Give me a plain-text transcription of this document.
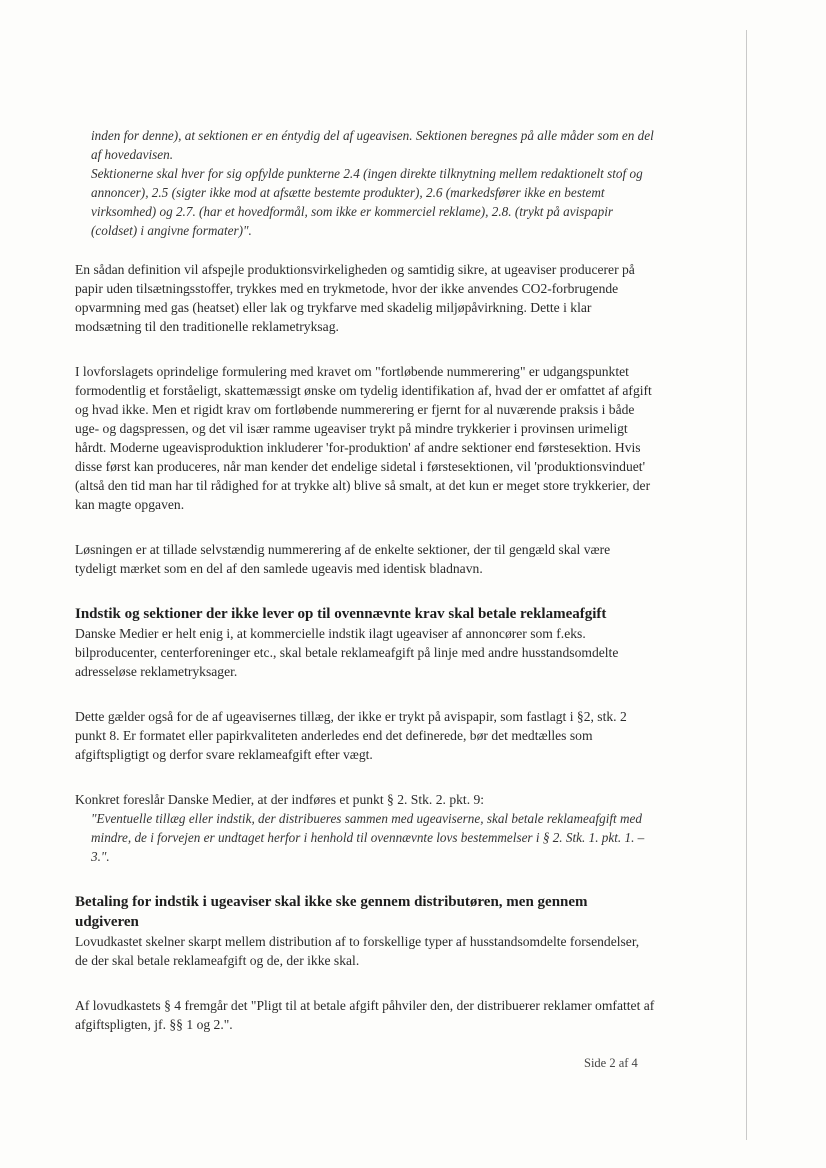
inden for denne), at sektionen er en éntydig del af ugeavisen. Sektionen beregnes på alle måder som en del af hovedavisen.

Sektionerne skal hver for sig opfylde punkterne 2.4 (ingen direkte tilknytning mellem redaktionelt stof og annoncer), 2.5 (sigter ikke mod at afsætte bestemte produkter), 2.6 (markedsfører ikke en bestemt virksomhed) og 2.7. (har et hovedformål, som ikke er kommerciel reklame), 2.8. (trykt på avispapir (coldset) i angivne formater)".

En sådan definition vil afspejle produktionsvirkeligheden og samtidig sikre, at ugeaviser producerer på papir uden tilsætningsstoffer, trykkes med en trykmetode, hvor der ikke anvendes CO2-forbrugende opvarmning med gas (heatset) eller lak og trykfarve med skadelig miljøpåvirkning. Dette i klar modsætning til den traditionelle reklametryksag.

I lovforslagets oprindelige formulering med kravet om "fortløbende nummerering" er udgangspunktet formodentlig et forståeligt, skattemæssigt ønske om tydelig identifikation af, hvad der er omfattet af afgift og hvad ikke. Men et rigidt krav om fortløbende nummerering er fjernt for al nuværende praksis i både uge- og dagspressen, og det vil især ramme ugeaviser trykt på mindre trykkerier i provinsen urimeligt hårdt. Moderne ugeavisproduktion inkluderer 'for-produktion' af andre sektioner end førstesektion. Hvis disse først kan produceres, når man kender det endelige sidetal i førstesektionen, vil 'produktionsvinduet' (altså den tid man har til rådighed for at trykke alt) blive så smalt, at det kun er meget store trykkerier, der kan magte opgaven.

Løsningen er at tillade selvstændig nummerering af de enkelte sektioner, der til gengæld skal være tydeligt mærket som en del af den samlede ugeavis med identisk bladnavn.

Indstik og sektioner der ikke lever op til ovennævnte krav skal betale reklameafgift

Danske Medier er helt enig i, at kommercielle indstik ilagt ugeaviser af annoncører som f.eks. bilproducenter, centerforeninger etc., skal betale reklameafgift på linje med andre husstandsomdelte adresseløse reklametryksager.

Dette gælder også for de af ugeavisernes tillæg, der ikke er trykt på avispapir, som fastlagt i §2, stk. 2 punkt 8. Er formatet eller papirkvaliteten anderledes end det definerede, bør det medtælles som afgiftspligtigt og derfor svare reklameafgift efter vægt.

Konkret foreslår Danske Medier, at der indføres et punkt § 2. Stk. 2. pkt. 9:

"Eventuelle tillæg eller indstik, der distribueres sammen med ugeaviserne, skal betale reklameafgift med mindre, de i forvejen er undtaget herfor i henhold til ovennævnte lovs bestemmelser i § 2. Stk. 1. pkt. 1. – 3.".

Betaling for indstik i ugeaviser skal ikke ske gennem distributøren, men gennem udgiveren

Lovudkastet skelner skarpt mellem distribution af to forskellige typer af husstandsomdelte forsendelser, de der skal betale reklameafgift og de, der ikke skal.

Af lovudkastets § 4 fremgår det "Pligt til at betale afgift påhviler den, der distribuerer reklamer omfattet af afgiftspligten, jf. §§ 1 og 2.".

Side 2 af 4
